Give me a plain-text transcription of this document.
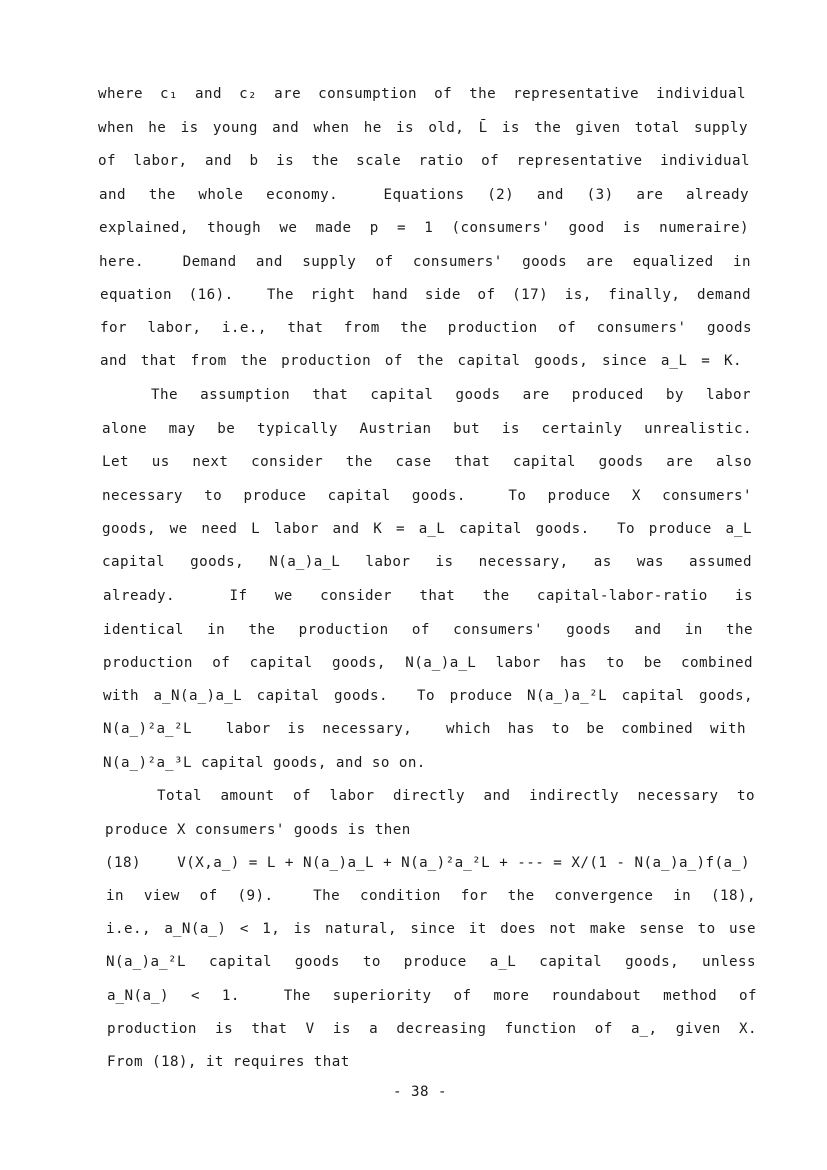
where c₁ and c₂ are consumption of the representative individual
when he is young and when he is old, L̄ is the given total supply
of labor, and b is the scale ratio of representative individual
and the whole economy.  Equations (2) and (3) are already
explained, though we made p = 1 (consumers' good is numeraire)
here.  Demand and supply of consumers' goods are equalized in
equation (16).  The right hand side of (17) is, finally, demand
for labor, i.e., that from the production of consumers' goods
and that from the production of the capital goods, since a̲L = K.
The assumption that capital goods are produced by labor
alone may be typically Austrian but is certainly unrealistic.
Let us next consider the case that capital goods are also
necessary to produce capital goods.  To produce X consumers'
goods, we need L labor and K = a̲L capital goods.  To produce a̲L
capital goods, N(a̲)a̲L labor is necessary, as was assumed
already.  If we consider that the capital-labor-ratio is
identical in the production of consumers' goods and in the
production of capital goods, N(a̲)a̲L labor has to be combined
with a̲N(a̲)a̲L capital goods.  To produce N(a̲)a̲²L capital goods,
N(a̲)²a̲²L  labor is necessary,  which has to be combined with
N(a̲)²a̲³L capital goods, and so on.
Total amount of labor directly and indirectly necessary to
produce X consumers' goods is then
(18)    V(X,a̲) = L + N(a̲)a̲L + N(a̲)²a̲²L + --- = X/(1 - N(a̲)a̲)f(a̲)
in view of (9).  The condition for the convergence in (18),
i.e., a̲N(a̲) < 1, is natural, since it does not make sense to use
N(a̲)a̲²L capital goods to produce a̲L capital goods, unless
a̲N(a̲) < 1.  The superiority of more roundabout method of
production is that V is a decreasing function of a̲, given X.
From (18), it requires that
- 38 -
